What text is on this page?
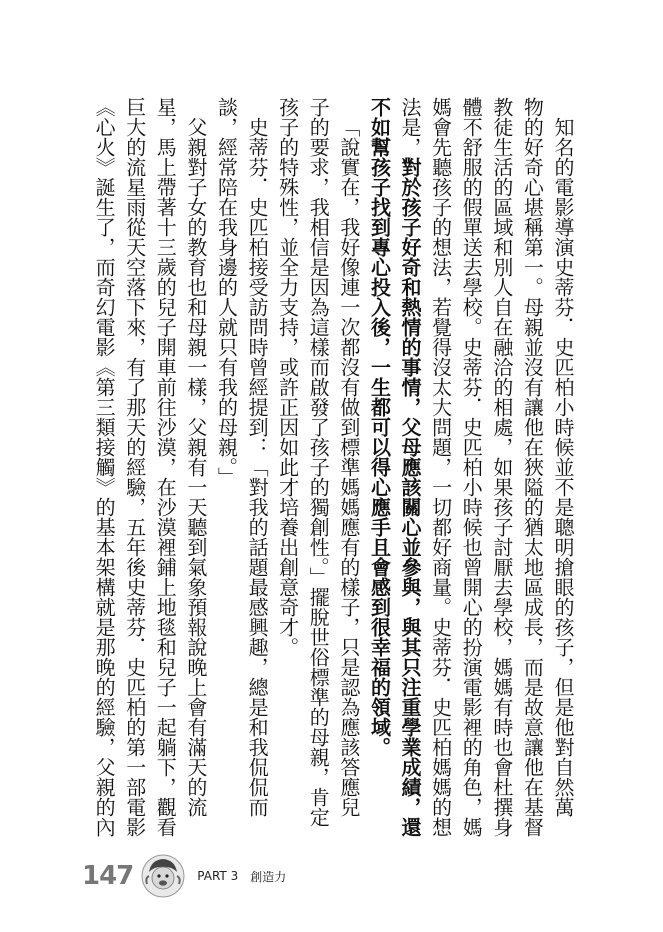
知名的電影導演史蒂芬．史匹柏小時候並不是聰明搶眼的孩子，但是他對自然萬

物的好奇心堪稱第一。母親並沒有讓他在狹隘的猶太地區成長，而是故意讓他在基督

教徒生活的區域和別人自在融洽的相處，如果孩子討厭去學校，媽媽有時也會杜撰身

體不舒服的假單送去學校。史蒂芬．史匹柏小時候也曾開心的扮演電影裡的角色，媽

媽會先聽孩子的想法，若覺得沒太大問題，一切都好商量。史蒂芬．史匹柏媽媽的想

法是，對於孩子好奇和熱情的事情，父母應該關心並參與，與其只注重學業成績，還

不如幫孩子找到專心投入後，一生都可以得心應手且會感到很幸福的領域。

「說實在，我好像連一次都沒有做到標準媽媽應有的樣子，只是認為應該答應兒

子的要求，我相信是因為這樣而啟發了孩子的獨創性。」擺脫世俗標準的母親，肯定

孩子的特殊性，並全力支持，或許正因如此才培養出創意奇才。

史蒂芬．史匹柏接受訪問時曾經提到：「對我的話題最感興趣，總是和我侃侃而

談，經常陪在我身邊的人就只有我的母親。」

父親對子女的教育也和母親一樣，父親有一天聽到氣象預報說晚上會有滿天的流

星，馬上帶著十三歲的兒子開車前往沙漠，在沙漠裡鋪上地毯和兒子一起躺下，觀看

巨大的流星雨從天空落下來，有了那天的經驗，五年後史蒂芬．史匹柏的第一部電影

《心火》誕生了，而奇幻電影《第三類接觸》的基本架構就是那晚的經驗，父親的內

147	PART 3 創造力
